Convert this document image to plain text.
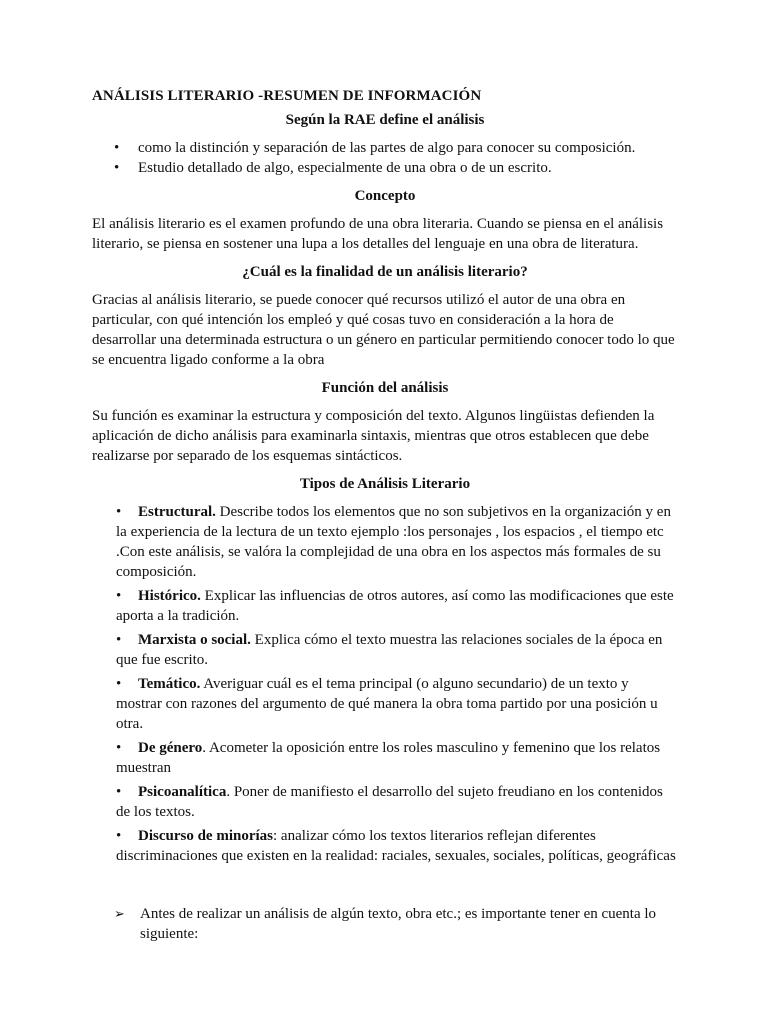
ANÁLISIS LITERARIO -RESUMEN DE INFORMACIÓN

Según la RAE define el análisis

• como la distinción y separación de las partes de algo para conocer su composición.
• Estudio detallado de algo, especialmente de una obra o de un escrito.

Concepto

El análisis literario es el examen profundo de una obra literaria. Cuando se piensa en el análisis literario, se piensa en sostener una lupa a los detalles del lenguaje en una obra de literatura.

¿Cuál es la finalidad de un análisis literario?

Gracias al análisis literario, se puede conocer qué recursos utilizó el autor de una obra en particular, con qué intención los empleó y qué cosas tuvo en consideración a la hora de desarrollar una determinada estructura o un género en particular permitiendo conocer todo lo que se encuentra ligado conforme a la obra

Función del análisis

Su función es examinar la estructura y composición del texto. Algunos lingüistas defienden la aplicación de dicho análisis para examinarla sintaxis, mientras que otros establecen que debe realizarse por separado de los esquemas sintácticos.

Tipos de Análisis Literario

• Estructural. Describe todos los elementos que no son subjetivos en la organización y en la experiencia de la lectura de un texto ejemplo :los personajes , los espacios , el tiempo etc .Con este análisis, se valóra la complejidad de una obra en los aspectos más formales de su composición.
• Histórico. Explicar las influencias de otros autores, así como las modificaciones que este aporta a la tradición.
• Marxista o social. Explica cómo el texto muestra las relaciones sociales de la época en que fue escrito.
• Temático. Averiguar cuál es el tema principal (o alguno secundario) de un texto y mostrar con razones del argumento de qué manera la obra toma partido por una posición u otra.
• De género. Acometer la oposición entre los roles masculino y femenino que los relatos muestran
• Psicoanalítica. Poner de manifiesto el desarrollo del sujeto freudiano en los contenidos de los textos.
• Discurso de minorías: analizar cómo los textos literarios reflejan diferentes discriminaciones que existen en la realidad: raciales, sexuales, sociales, políticas, geográficas
➢ Antes de realizar un análisis de algún texto, obra etc.; es importante tener en cuenta lo siguiente:
